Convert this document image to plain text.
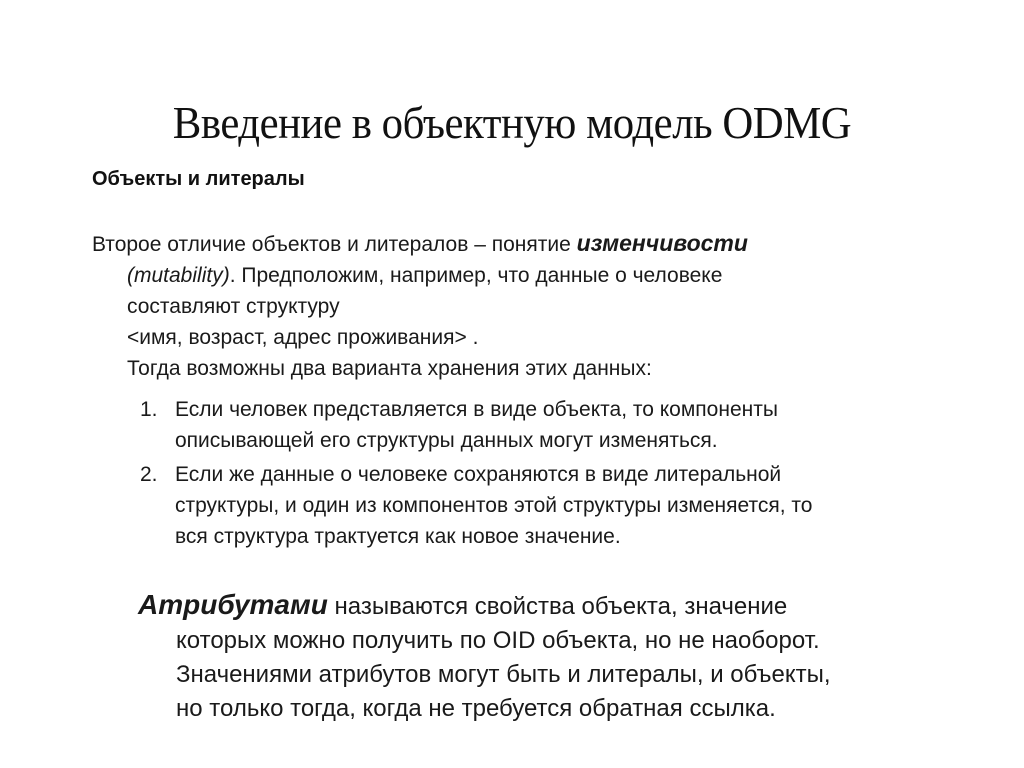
Введение в объектную модель ODMG
Объекты и литералы
Второе отличие объектов и литералов – понятие изменчивости
(mutability). Предположим, например, что данные о человеке
составляют структуру
<имя, возраст, адрес проживания> .
Тогда возможны два варианта хранения этих данных:
1. Если человек представляется в виде объекта, то компоненты
описывающей его структуры данных могут изменяться.
2. Если же данные о человеке сохраняются в виде литеральной
структуры, и один из компонентов этой структуры изменяется, то
вся структура трактуется как новое значение.
Атрибутами называются свойства объекта, значение
которых можно получить по OID объекта, но не наоборот.
Значениями атрибутов могут быть и литералы, и объекты,
но только тогда, когда не требуется обратная ссылка.
